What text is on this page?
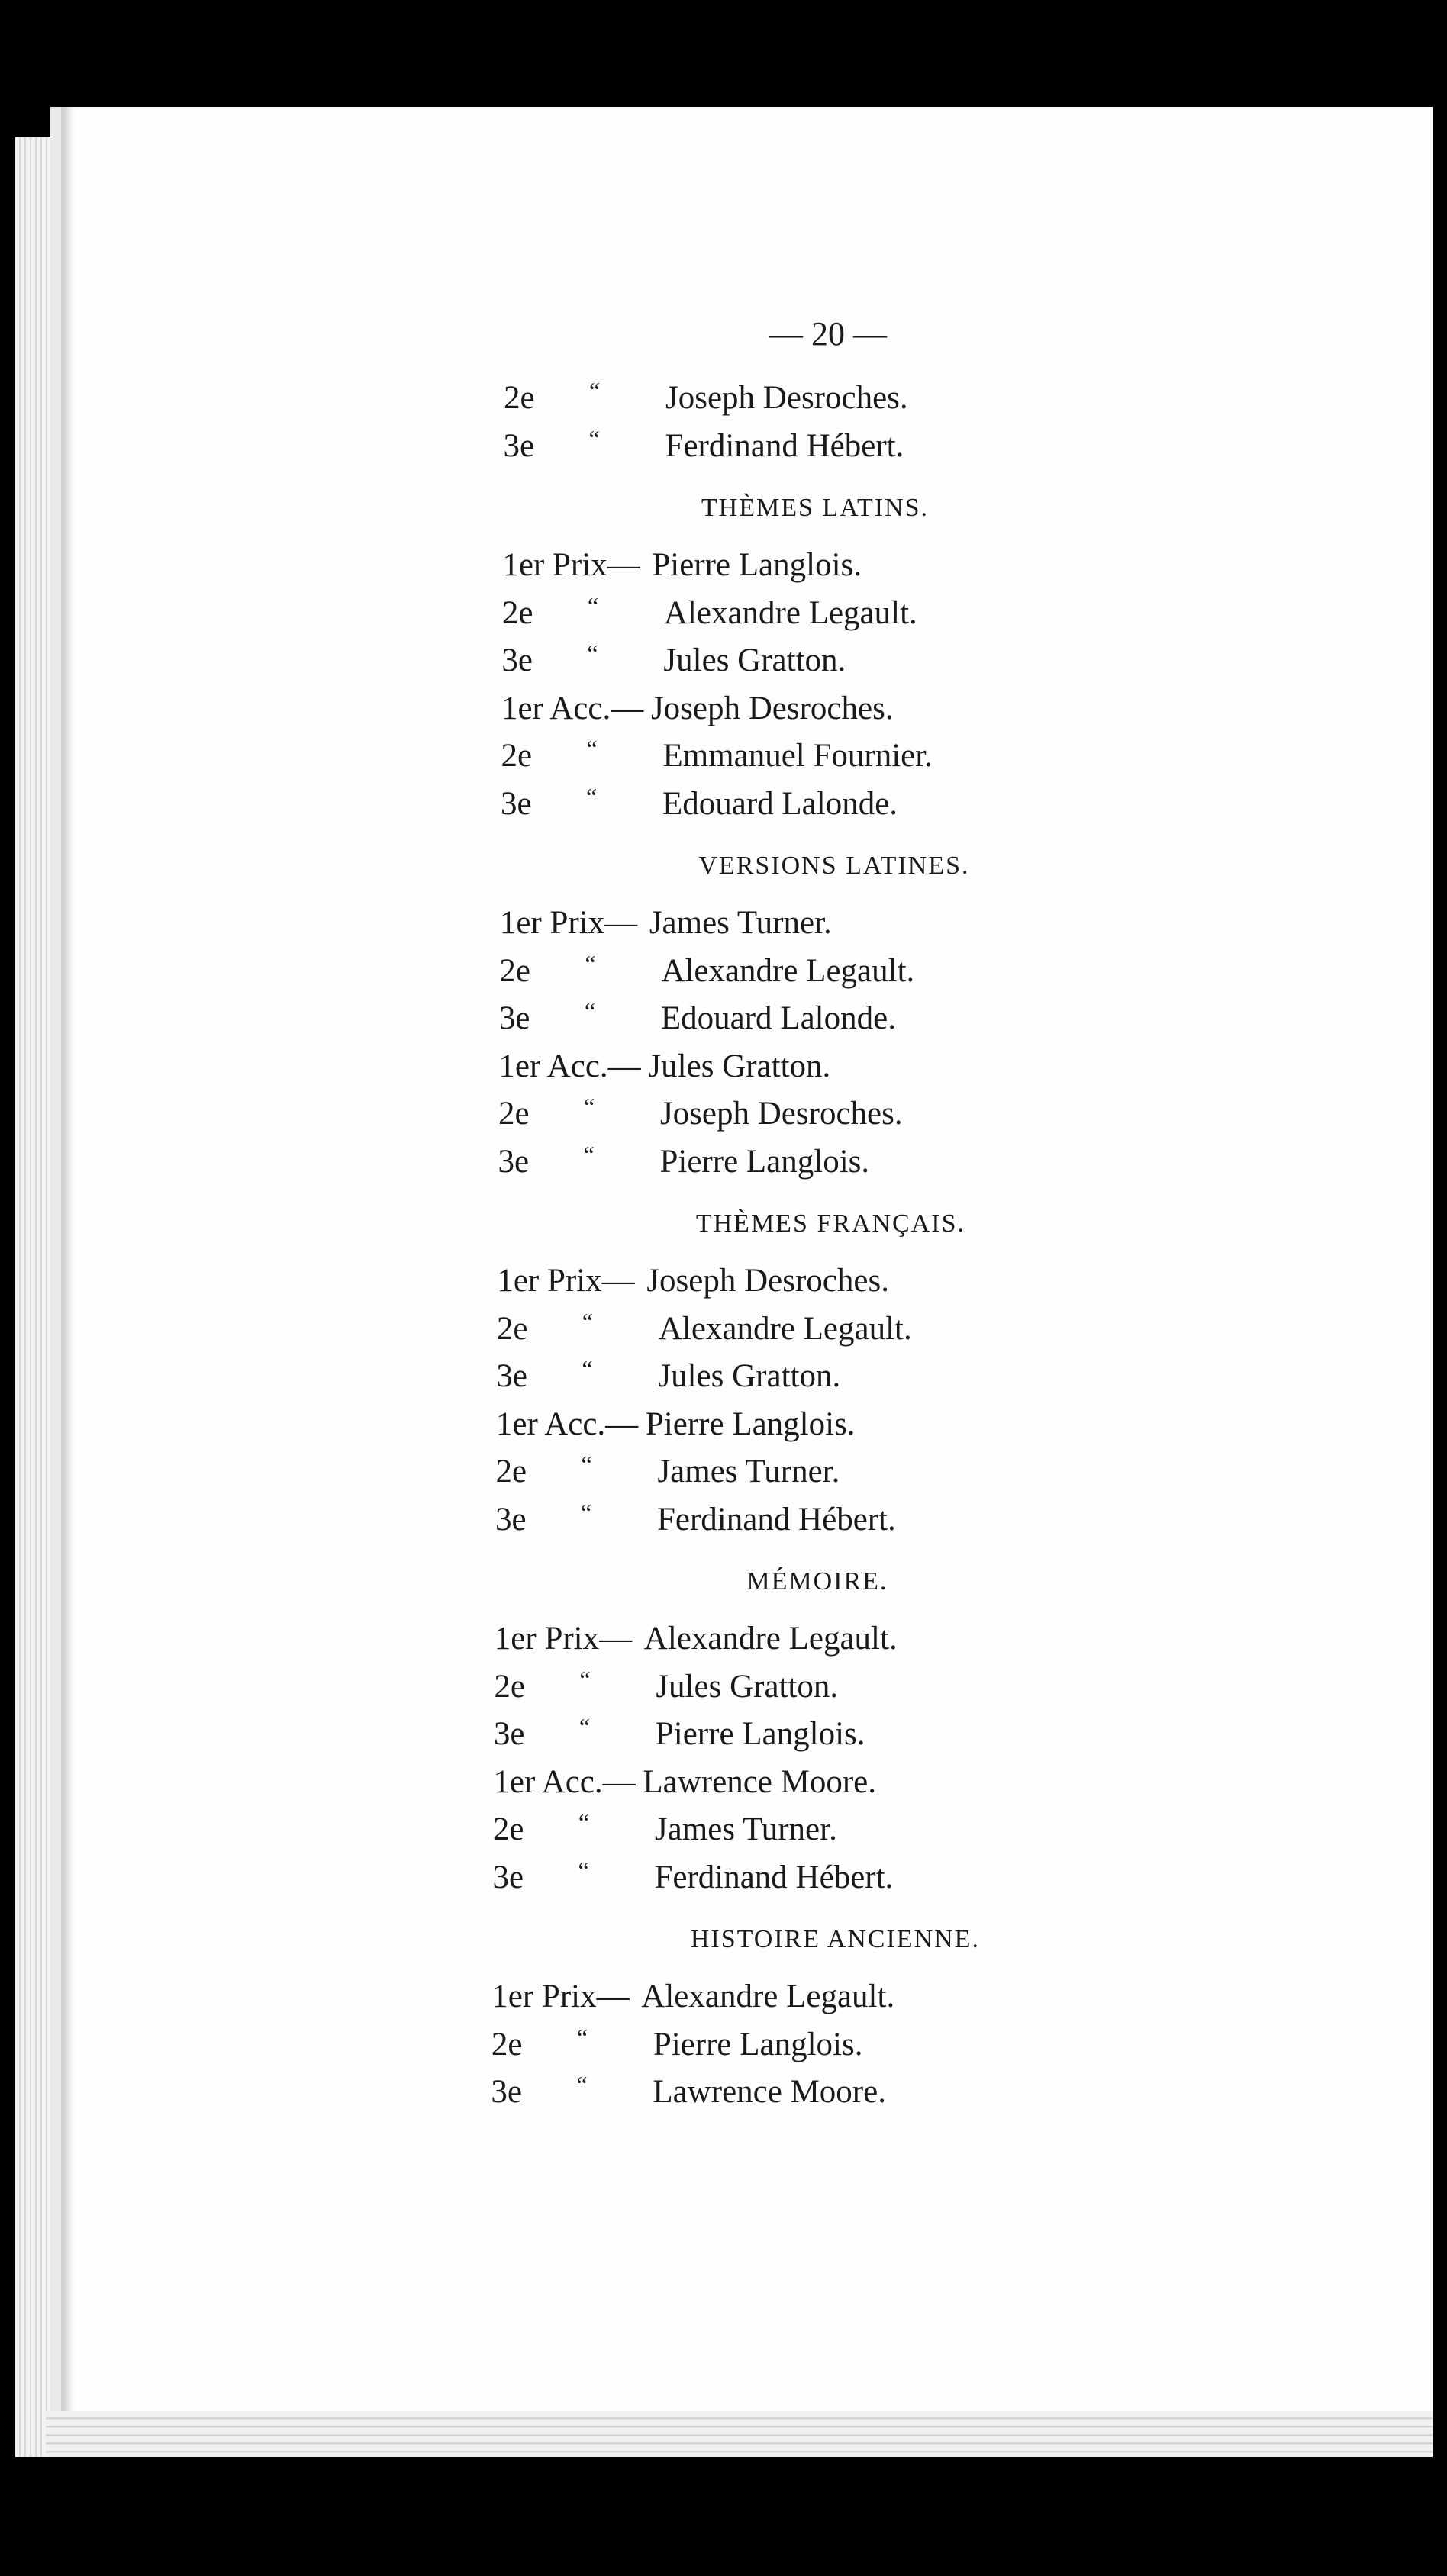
— 20 —
2e “ Joseph Desroches.
3e “ Ferdinand Hébert.
THÈMES LATINS.
1er Prix— Pierre Langlois.
2e “ Alexandre Legault.
3e “ Jules Gratton.
1er Acc.— Joseph Desroches.
2e “ Emmanuel Fournier.
3e “ Edouard Lalonde.
VERSIONS LATINES.
1er Prix— James Turner.
2e “ Alexandre Legault.
3e “ Edouard Lalonde.
1er Acc.— Jules Gratton.
2e “ Joseph Desroches.
3e “ Pierre Langlois.
THÈMES FRANÇAIS.
1er Prix— Joseph Desroches.
2e “ Alexandre Legault.
3e “ Jules Gratton.
1er Acc.— Pierre Langlois.
2e “ James Turner.
3e “ Ferdinand Hébert.
MÉMOIRE.
1er Prix— Alexandre Legault.
2e “ Jules Gratton.
3e “ Pierre Langlois.
1er Acc.— Lawrence Moore.
2e “ James Turner.
3e “ Ferdinand Hébert.
HISTOIRE ANCIENNE.
1er Prix— Alexandre Legault.
2e “ Pierre Langlois.
3e “ Lawrence Moore.
